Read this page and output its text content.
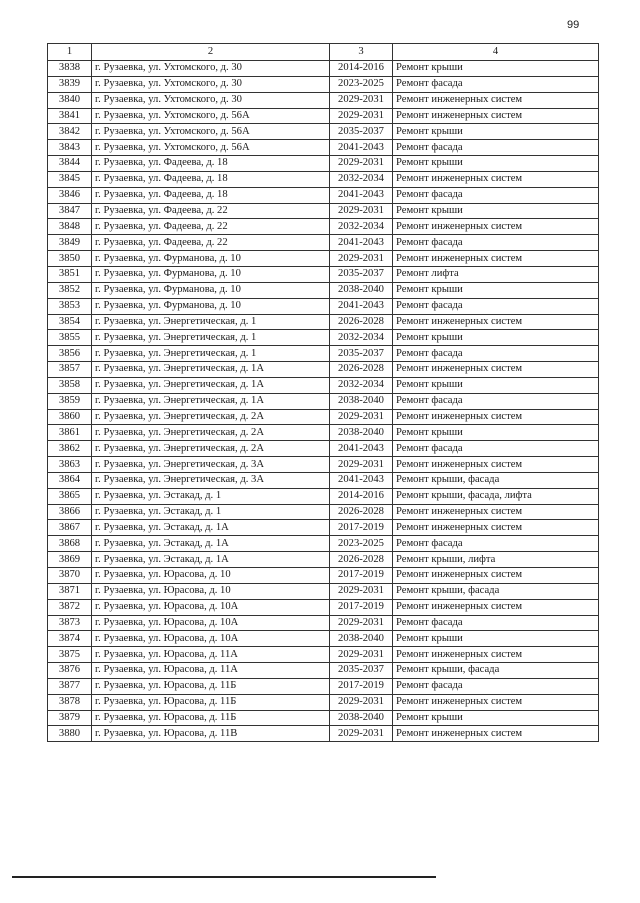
99
1	2	3	4
3838	г. Рузаевка, ул. Ухтомского, д. 30	2014-2016	Ремонт крыши
3839	г. Рузаевка, ул. Ухтомского, д. 30	2023-2025	Ремонт фасада
3840	г. Рузаевка, ул. Ухтомского, д. 30	2029-2031	Ремонт инженерных систем
3841	г. Рузаевка, ул. Ухтомского, д. 56А	2029-2031	Ремонт инженерных систем
3842	г. Рузаевка, ул. Ухтомского, д. 56А	2035-2037	Ремонт крыши
3843	г. Рузаевка, ул. Ухтомского, д. 56А	2041-2043	Ремонт фасада
3844	г. Рузаевка, ул. Фадеева, д. 18	2029-2031	Ремонт крыши
3845	г. Рузаевка, ул. Фадеева, д. 18	2032-2034	Ремонт инженерных систем
3846	г. Рузаевка, ул. Фадеева, д. 18	2041-2043	Ремонт фасада
3847	г. Рузаевка, ул. Фадеева, д. 22	2029-2031	Ремонт крыши
3848	г. Рузаевка, ул. Фадеева, д. 22	2032-2034	Ремонт инженерных систем
3849	г. Рузаевка, ул. Фадеева, д. 22	2041-2043	Ремонт фасада
3850	г. Рузаевка, ул. Фурманова, д. 10	2029-2031	Ремонт инженерных систем
3851	г. Рузаевка, ул. Фурманова, д. 10	2035-2037	Ремонт лифта
3852	г. Рузаевка, ул. Фурманова, д. 10	2038-2040	Ремонт крыши
3853	г. Рузаевка, ул. Фурманова, д. 10	2041-2043	Ремонт фасада
3854	г. Рузаевка, ул. Энергетическая, д. 1	2026-2028	Ремонт инженерных систем
3855	г. Рузаевка, ул. Энергетическая, д. 1	2032-2034	Ремонт крыши
3856	г. Рузаевка, ул. Энергетическая, д. 1	2035-2037	Ремонт фасада
3857	г. Рузаевка, ул. Энергетическая, д. 1А	2026-2028	Ремонт инженерных систем
3858	г. Рузаевка, ул. Энергетическая, д. 1А	2032-2034	Ремонт крыши
3859	г. Рузаевка, ул. Энергетическая, д. 1А	2038-2040	Ремонт фасада
3860	г. Рузаевка, ул. Энергетическая, д. 2А	2029-2031	Ремонт инженерных систем
3861	г. Рузаевка, ул. Энергетическая, д. 2А	2038-2040	Ремонт крыши
3862	г. Рузаевка, ул. Энергетическая, д. 2А	2041-2043	Ремонт фасада
3863	г. Рузаевка, ул. Энергетическая, д. 3А	2029-2031	Ремонт инженерных систем
3864	г. Рузаевка, ул. Энергетическая, д. 3А	2041-2043	Ремонт крыши, фасада
3865	г. Рузаевка, ул. Эстакад, д. 1	2014-2016	Ремонт крыши, фасада, лифта
3866	г. Рузаевка, ул. Эстакад, д. 1	2026-2028	Ремонт инженерных систем
3867	г. Рузаевка, ул. Эстакад, д. 1А	2017-2019	Ремонт инженерных систем
3868	г. Рузаевка, ул. Эстакад, д. 1А	2023-2025	Ремонт фасада
3869	г. Рузаевка, ул. Эстакад, д. 1А	2026-2028	Ремонт крыши, лифта
3870	г. Рузаевка, ул. Юрасова, д. 10	2017-2019	Ремонт инженерных систем
3871	г. Рузаевка, ул. Юрасова, д. 10	2029-2031	Ремонт крыши, фасада
3872	г. Рузаевка, ул. Юрасова, д. 10А	2017-2019	Ремонт инженерных систем
3873	г. Рузаевка, ул. Юрасова, д. 10А	2029-2031	Ремонт фасада
3874	г. Рузаевка, ул. Юрасова, д. 10А	2038-2040	Ремонт крыши
3875	г. Рузаевка, ул. Юрасова, д. 11А	2029-2031	Ремонт инженерных систем
3876	г. Рузаевка, ул. Юрасова, д. 11А	2035-2037	Ремонт крыши, фасада
3877	г. Рузаевка, ул. Юрасова, д. 11Б	2017-2019	Ремонт фасада
3878	г. Рузаевка, ул. Юрасова, д. 11Б	2029-2031	Ремонт инженерных систем
3879	г. Рузаевка, ул. Юрасова, д. 11Б	2038-2040	Ремонт крыши
3880	г. Рузаевка, ул. Юрасова, д. 11В	2029-2031	Ремонт инженерных систем
